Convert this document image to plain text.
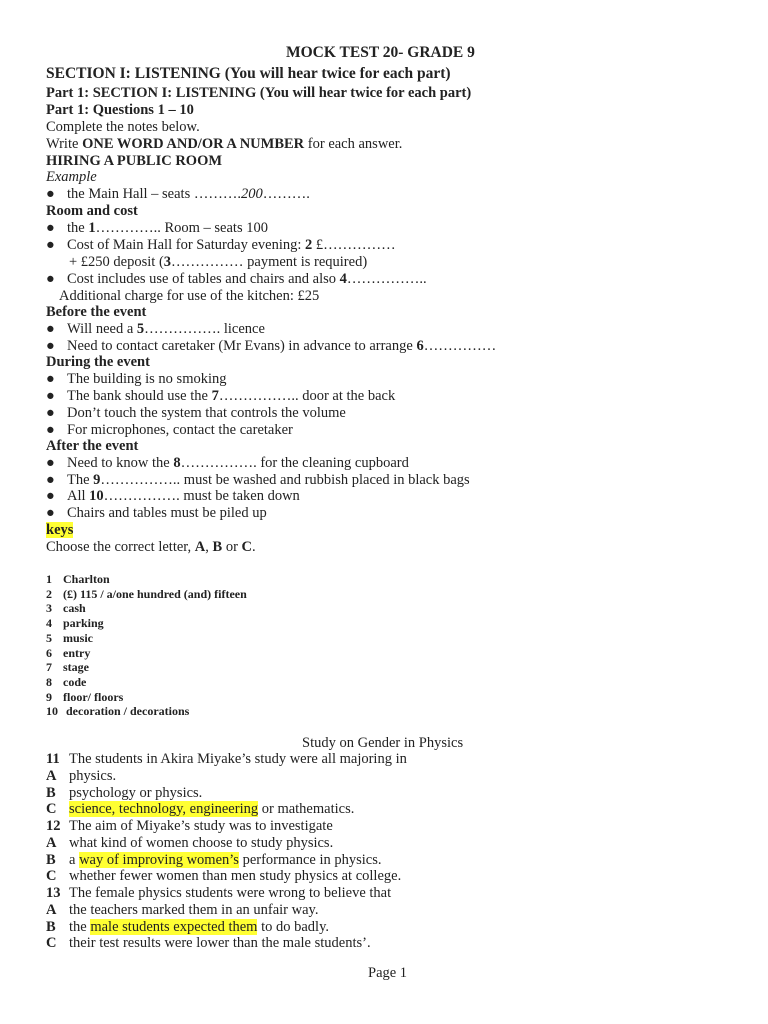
MOCK TEST 20- GRADE 9
SECTION I: LISTENING (You will hear twice for each part)
Part 1: SECTION I: LISTENING (You will hear twice for each part)
Part 1: Questions 1 – 10
Complete the notes below.
Write ONE WORD AND/OR A NUMBER for each answer.
HIRING A PUBLIC ROOM
Example
● the Main Hall – seats ……….200……….
Room and cost
● the 1………….. Room – seats 100
● Cost of Main Hall for Saturday evening: 2 £……………
+ £250 deposit (3…………… payment is required)
● Cost includes use of tables and chairs and also 4……………..
Additional charge for use of the kitchen: £25
Before the event
● Will need a 5……………. licence
● Need to contact caretaker (Mr Evans) in advance to arrange 6……………
During the event
● The building is no smoking
● The bank should use the 7…………….. door at the back
● Don’t touch the system that controls the volume
● For microphones, contact the caretaker
After the event
● Need to know the 8……………. for the cleaning cupboard
● The 9…………….. must be washed and rubbish placed in black bags
● All 10……………. must be taken down
● Chairs and tables must be piled up
keys
Choose the correct letter, A, B or C.
1 Charlton
2 (£) 115 / a/one hundred (and) fifteen
3 cash
4 parking
5 music
6 entry
7 stage
8 code
9 floor/ floors
10 decoration / decorations
Study on Gender in Physics
11 The students in Akira Miyake’s study were all majoring in
A physics.
B psychology or physics.
C science, technology, engineering or mathematics.
12 The aim of Miyake’s study was to investigate
A what kind of women choose to study physics.
B a way of improving women’s performance in physics.
C whether fewer women than men study physics at college.
13 The female physics students were wrong to believe that
A the teachers marked them in an unfair way.
B the male students expected them to do badly.
C their test results were lower than the male students’.
Page 1
